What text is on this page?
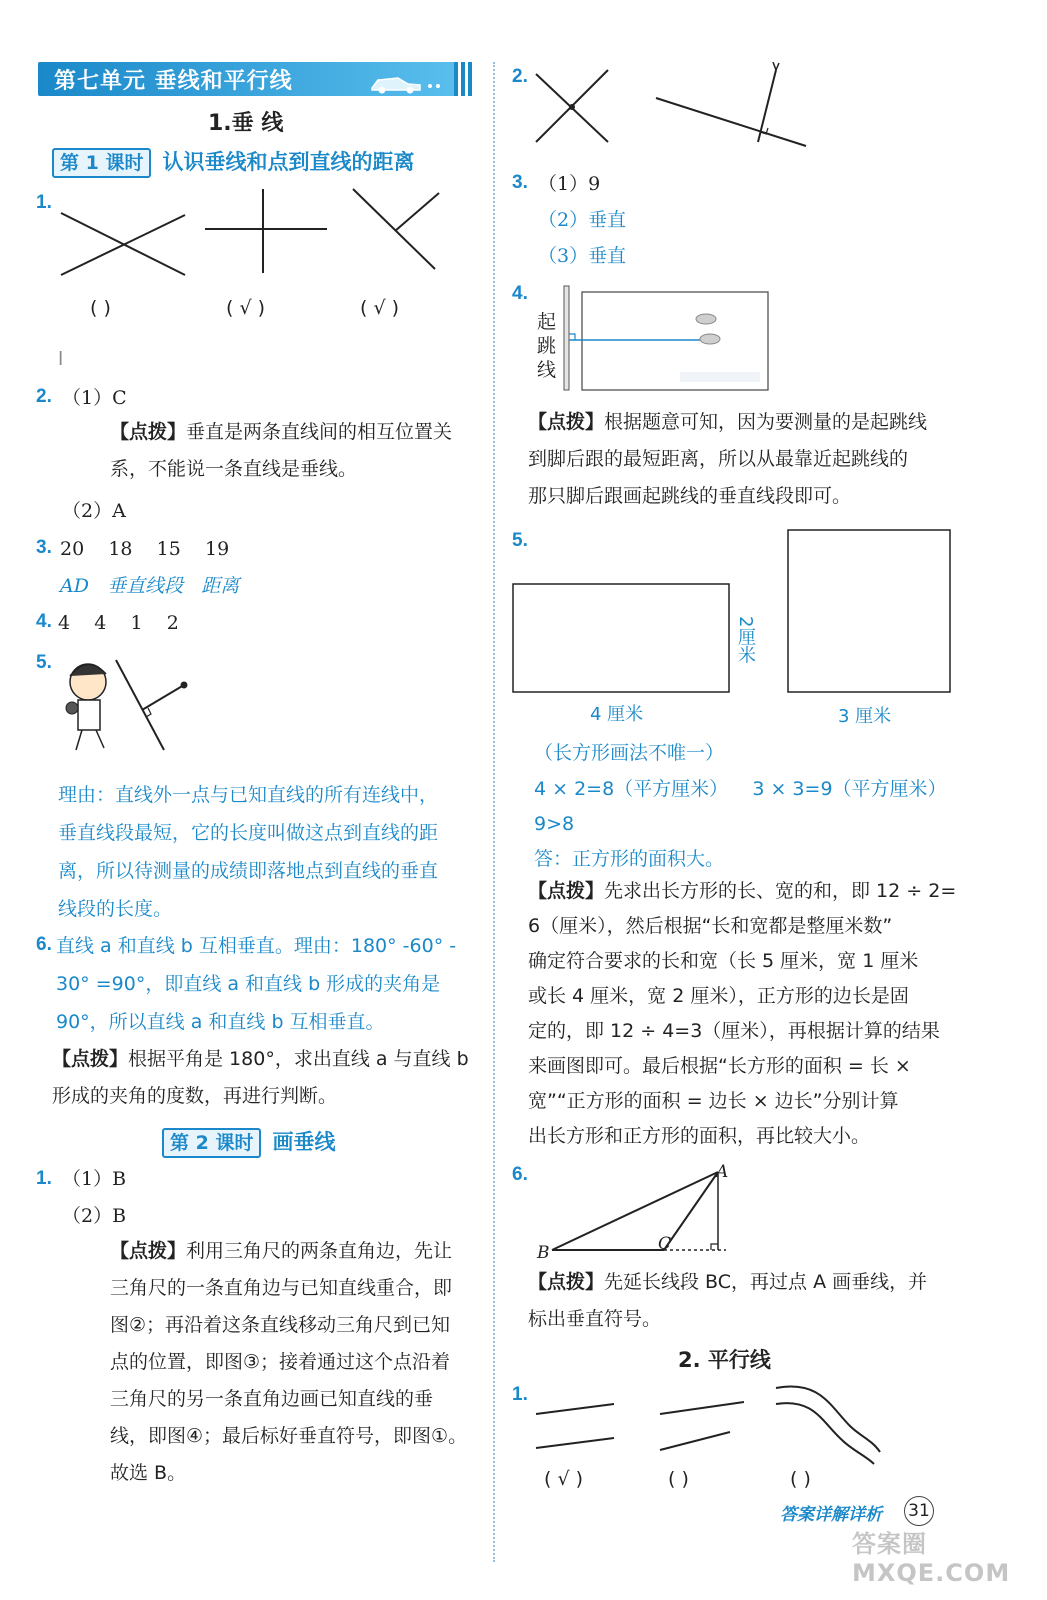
第七单元 垂线和平行线
1.垂 线
第 1 课时 认识垂线和点到直线的距离
1.
( )	( √ )	( √ )
l
2. （1）C
【点拨】垂直是两条直线间的相互位置关
系，不能说一条直线是垂线。
（2）A
3. 20    18    15    19
AD   垂直线段   距离
4. 4    4    1    2
5.
理由：直线外一点与已知直线的所有连线中，
垂直线段最短，它的长度叫做这点到直线的距
离，所以待测量的成绩即落地点到直线的垂直
线段的长度。
6. 直线 a 和直线 b 互相垂直。理由：180° -60° -
30° =90°，即直线 a 和直线 b 形成的夹角是
90°，所以直线 a 和直线 b 互相垂直。
【点拨】根据平角是 180°，求出直线 a 与直线 b
形成的夹角的度数，再进行判断。
第 2 课时 画垂线
1. （1）B
（2）B
【点拨】利用三角尺的两条直角边，先让
三角尺的一条直角边与已知直线重合，即
图②；再沿着这条直线移动三角尺到已知
点的位置，即图③；接着通过这个点沿着
三角尺的另一条直角边画已知直线的垂
线，即图④；最后标好垂直符号，即图①。
故选 B。
2.
3. （1）9
（2）垂直
（3）垂直
4.
起
跳
线
【点拨】根据题意可知，因为要测量的是起跳线
到脚后跟的最短距离，所以从最靠近起跳线的
那只脚后跟画起跳线的垂直线段即可。
5.
2厘米
4 厘米	3 厘米
（长方形画法不唯一）
4 × 2=8（平方厘米）    3 × 3=9（平方厘米）
9>8
答：正方形的面积大。
【点拨】先求出长方形的长、宽的和，即 12 ÷ 2=
6（厘米），然后根据“长和宽都是整厘米数”
确定符合要求的长和宽（长 5 厘米，宽 1 厘米
或长 4 厘米，宽 2 厘米），正方形的边长是固
定的，即 12 ÷ 4=3（厘米），再根据计算的结果
来画图即可。最后根据“长方形的面积 = 长 ×
宽”“正方形的面积 = 边长 × 边长”分别计算
出长方形和正方形的面积，再比较大小。
6.	A
B	C
【点拨】先延长线段 BC，再过点 A 画垂线，并
标出垂直符号。
2. 平行线
1.
( √ )	( )	( )
答案详解详析 31
答案圈 MXQE.COM
